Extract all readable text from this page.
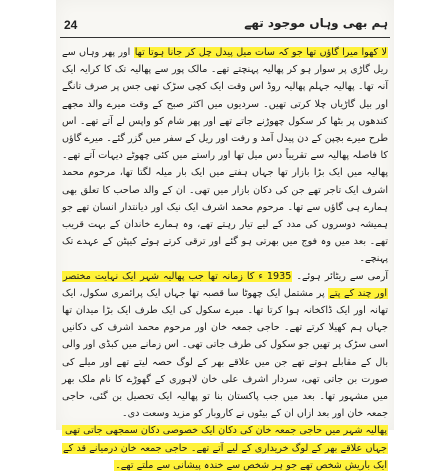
ہم بھی وہاں موجود تھے
24

لا کھوا میرا گاؤں تھا جو کہ سات میل پیدل چل کر جانا ہوتا تھا اور پھر وہاں سے ریل گاڑی پر سوار ہو کر پھالیہ پہنچتے تھے۔ مالک پور سے پھالیہ تک کا کرایہ ایک آنہ تھا۔ پھالیہ جہلم پھالیہ روڈ اس وقت ایک کچی سڑک تھی جس پر صرف تانگے اور بیل گاڑیاں چلا کرتی تھیں۔ سردیوں میں اکثر صبح کے وقت میرے والد مجھے کندھوں پر بٹھا کر سکول چھوڑنے جاتے تھے اور پھر شام کو واپس لے آتے تھے۔ اس طرح میرے بچپن کے دن پیدل آمد و رفت اور ریل کے سفر میں گزر گئے۔ میرے گاؤں کا فاصلہ پھالیہ سے تقریباً دس میل تھا اور راستے میں کئی چھوٹے دیہات آتے تھے۔ پھالیہ میں ایک بڑا بازار تھا جہاں ہفتے میں ایک بار میلہ لگتا تھا، مرحوم محمد اشرف ایک تاجر تھے جن کی دکان بازار میں تھی۔ ان کے والد صاحب کا تعلق بھی ہمارے ہی گاؤں سے تھا۔ مرحوم محمد اشرف ایک نیک اور دیانتدار انسان تھے جو ہمیشہ دوسروں کی مدد کے لیے تیار رہتے تھے، وہ ہمارے خاندان کے بہت قریب تھے۔ بعد میں وہ فوج میں بھرتی ہو گئے اور ترقی کرتے ہوئے کیپٹن کے عہدے تک پہنچے۔

آرمی سے ریٹائر ہوئے۔ 1935 ء کا زمانہ تھا جب پھالیہ شہر ایک نہایت مختصر اور چند کے پتے پر مشتمل ایک چھوٹا سا قصبہ تھا جہاں ایک پرائمری سکول، ایک تھانہ اور ایک ڈاکخانہ ہوا کرتا تھا۔ میرے سکول کی ایک طرف ایک بڑا میدان تھا جہاں ہم کھیلا کرتے تھے۔ حاجی جمعہ خان اور مرحوم محمد اشرف کی دکانیں اسی سڑک پر تھیں جو سکول کی طرف جاتی تھی۔ اس زمانے میں کبڈی اور والی بال کے مقابلے ہوتے تھے جن میں علاقے بھر کے لوگ حصہ لیتے تھے اور میلے کی صورت بن جاتی تھی، سردار اشرف علی خان لاہوری کے گھوڑے کا نام ملک بھر میں مشہور تھا۔ بعد میں جب پاکستان بنا تو پھالیہ ایک تحصیل بن گئی، حاجی جمعہ خان اور بعد ازاں ان کے بیٹوں نے کاروبار کو مزید وسعت دی۔

پھالیہ شہر میں حاجی جمعہ خان کی دکان ایک خصوصی دکان سمجھی جاتی تھی جہاں علاقے بھر کے لوگ خریداری کے لیے آتے تھے۔ حاجی جمعہ خان درمیانے قد کے ایک باریش شخص تھے جو ہر شخص سے خندہ پیشانی سے ملتے تھے۔
